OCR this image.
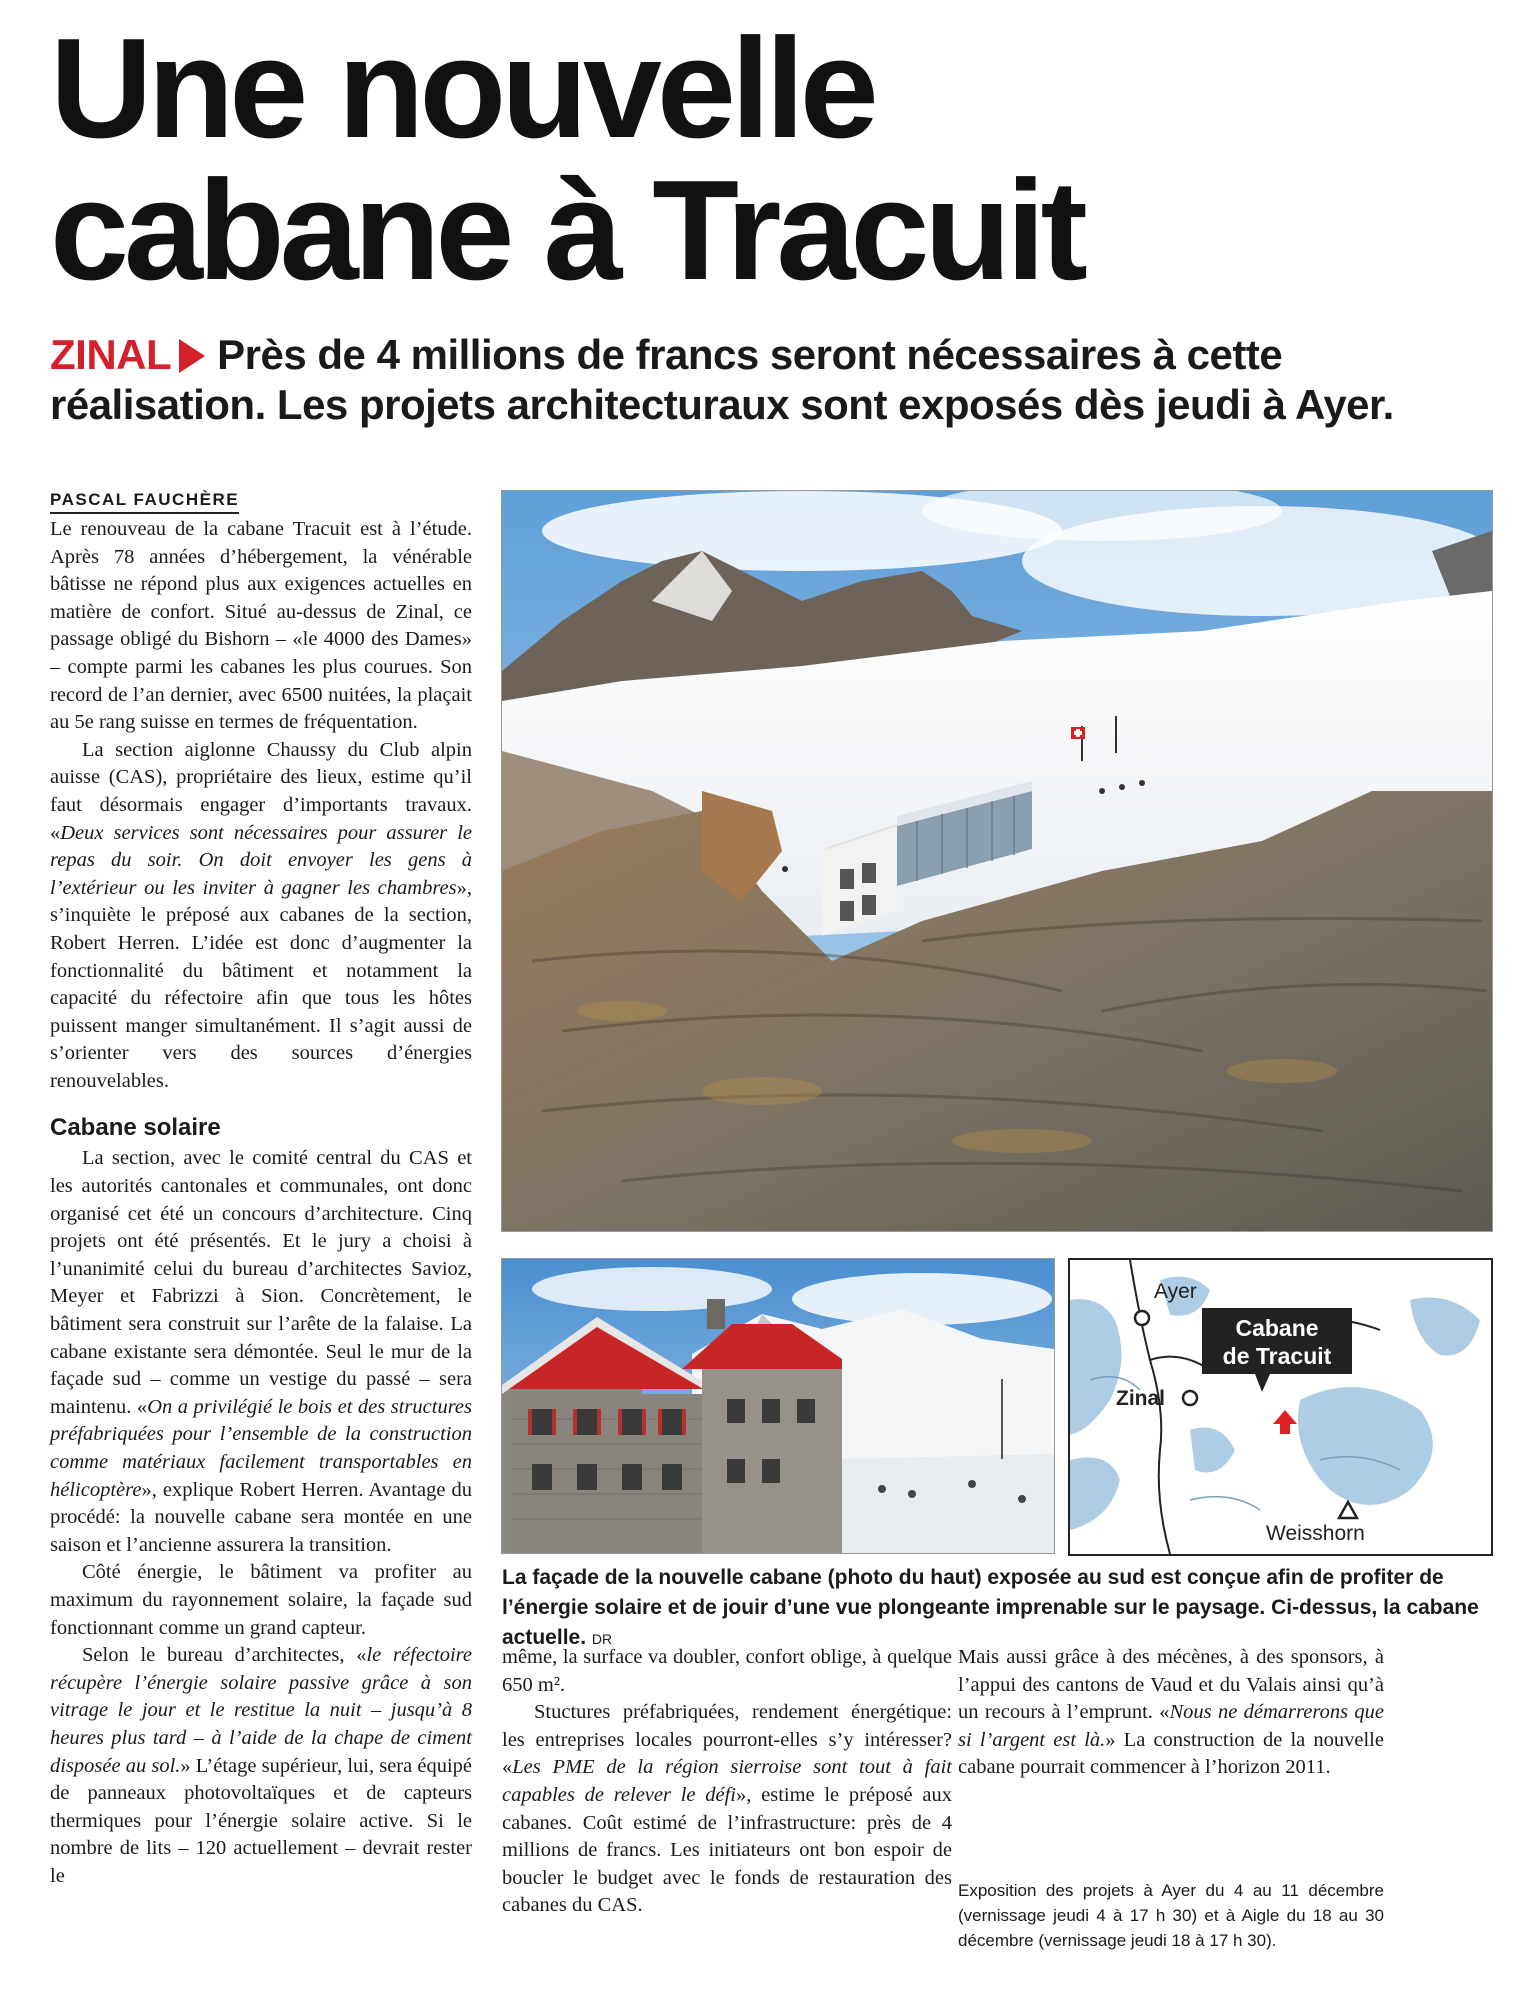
Une nouvelle
cabane à Tracuit
ZINAL Près de 4 millions de francs seront nécessaires à cette réalisation. Les projets architecturaux sont exposés dès jeudi à Ayer.
PASCAL FAUCHÈRE

Le renouveau de la cabane Tracuit est à l’étude. Après 78 années d’hébergement, la vénérable bâtisse ne répond plus aux exigences actuelles en matière de confort. Situé au-dessus de Zinal, ce passage obligé du Bishorn – «le 4000 des Dames» – compte parmi les cabanes les plus courues. Son record de l’an dernier, avec 6500 nuitées, la plaçait au 5e rang suisse en termes de fréquentation.

La section aiglonne Chaussy du Club alpin auisse (CAS), propriétaire des lieux, estime qu’il faut désormais engager d’importants travaux. «Deux services sont nécessaires pour assurer le repas du soir. On doit envoyer les gens à l’extérieur ou les inviter à gagner les chambres», s’inquiète le préposé aux cabanes de la section, Robert Herren. L’idée est donc d’augmenter la fonctionnalité du bâtiment et notamment la capacité du réfectoire afin que tous les hôtes puissent manger simultanément. Il s’agit aussi de s’orienter vers des sources d’énergies renouvelables.

Cabane solaire

La section, avec le comité central du CAS et les autorités cantonales et communales, ont donc organisé cet été un concours d’architecture. Cinq projets ont été présentés. Et le jury a choisi à l’unanimité celui du bureau d’architectes Savioz, Meyer et Fabrizzi à Sion. Concrètement, le bâtiment sera construit sur l’arête de la falaise. La cabane existante sera démontée. Seul le mur de la façade sud – comme un vestige du passé – sera maintenu. «On a privilégié le bois et des structures préfabriquées pour l’ensemble de la construction comme matériaux facilement transportables en hélicoptère», explique Robert Herren. Avantage du procédé: la nouvelle cabane sera montée en une saison et l’ancienne assurera la transition.

Côté énergie, le bâtiment va profiter au maximum du rayonnement solaire, la façade sud fonctionnant comme un grand capteur.

Selon le bureau d’architectes, «le réfectoire récupère l’énergie solaire passive grâce à son vitrage le jour et le restitue la nuit – jusqu’à 8 heures plus tard – à l’aide de la chape de ciment disposée au sol.» L’étage supérieur, lui, sera équipé de panneaux photovoltaïques et de capteurs thermiques pour l’énergie solaire active. Si le nombre de lits – 120 actuellement – devrait rester le

Ayer
Zinal
Weisshorn
Cabane
de Tracuit
La façade de la nouvelle cabane (photo du haut) exposée au sud est conçue afin de profiter de l’énergie solaire et de jouir d’une vue plongeante imprenable sur le paysage. Ci-dessus, la cabane actuelle. DR

même, la surface va doubler, confort oblige, à quelque 650 m².

Stuctures préfabriquées, rendement énergétique: les entreprises locales pourront-elles s’y intéresser? «Les PME de la région sierroise sont tout à fait capables de relever le défi», estime le préposé aux cabanes. Coût estimé de l’infrastructure: près de 4 millions de francs. Les initiateurs ont bon espoir de boucler le budget avec le fonds de restauration des cabanes du CAS.

Mais aussi grâce à des mécènes, à des sponsors, à l’appui des cantons de Vaud et du Valais ainsi qu’à un recours à l’emprunt. «Nous ne démarrerons que si l’argent est là.» La construction de la nouvelle cabane pourrait commencer à l’horizon 2011.

Exposition des projets à Ayer du 4 au 11 décembre (vernissage jeudi 4 à 17 h 30) et à Aigle du 18 au 30 décembre (vernissage jeudi 18 à 17 h 30).
